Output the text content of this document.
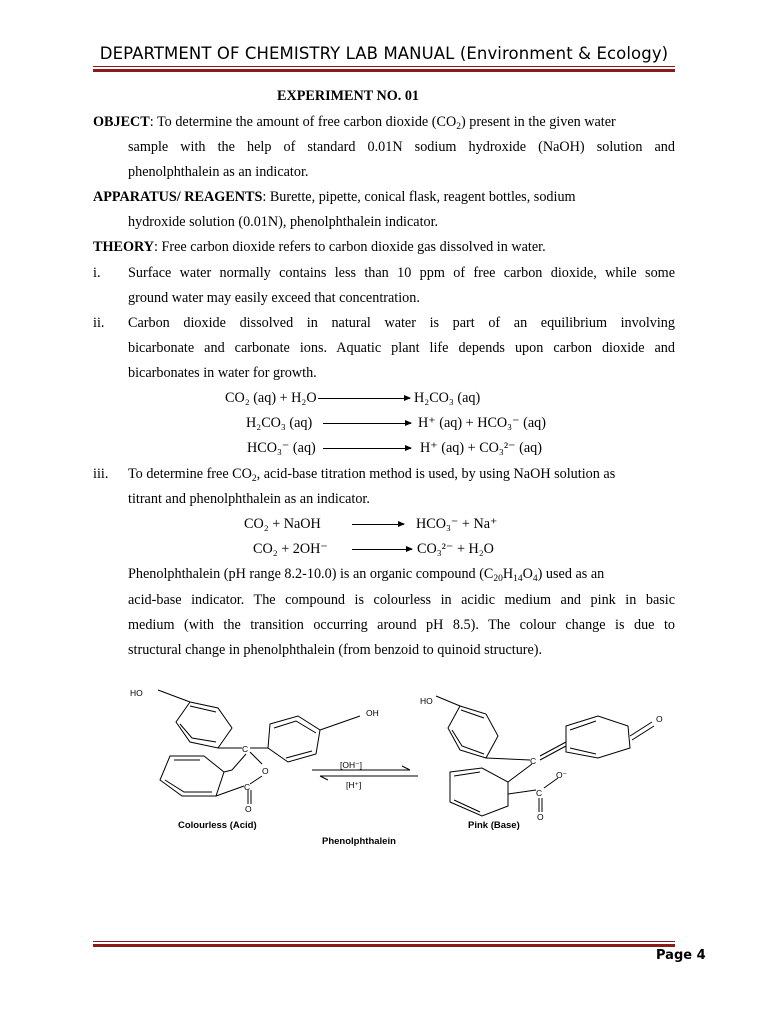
DEPARTMENT OF CHEMISTRY LAB MANUAL (Environment & Ecology)
EXPERIMENT NO. 01
OBJECT: To determine the amount of free carbon dioxide $(CO_2)$ present in the given water
sample with the help of standard 0.01N sodium hydroxide (NaOH) solution and
phenolphthalein as an indicator.
APPARATUS/ REAGENTS: Burette, pipette, conical flask, reagent bottles, sodium
hydroxide solution (0.01N), phenolphthalein indicator.
THEORY: Free carbon dioxide refers to carbon dioxide gas dissolved in water.
i. Surface water normally contains less than 10 ppm of free carbon dioxide, while some
ground water may easily exceed that concentration.
ii. Carbon dioxide dissolved in natural water is part of an equilibrium involving
bicarbonate and carbonate ions. Aquatic plant life depends upon carbon dioxide and
bicarbonates in water for growth.
CO₂ (aq) + H₂O	H₂CO₃ (aq)
H₂CO₃ (aq)	H⁺ (aq) + HCO₃⁻ (aq)
HCO₃⁻ (aq)	H⁺ (aq) + CO₃²⁻ (aq)
iii. To determine free $CO_2$, acid-base titration method is used, by using NaOH solution as
titrant and phenolphthalein as an indicator.
CO₂ + NaOH	HCO₃⁻ + Na⁺
CO₂ + 2OH⁻	CO₃²⁻ + H₂O
Phenolphthalein (pH range 8.2-10.0) is an organic compound $(C_{20}H_{14}O_4)$ used as an
acid-base indicator. The compound is colourless in acidic medium and pink in basic
medium (with the transition occurring around pH 8.5). The colour change is due to
structural change in phenolphthalein (from benzoid to quinoid structure).
HO
OH
C
O
C
O
[OH⁻]
[H⁺]
HO
O
C
O⁻
C
O
Colourless (Acid)	Pink (Base)
Phenolphthalein
Page 4
